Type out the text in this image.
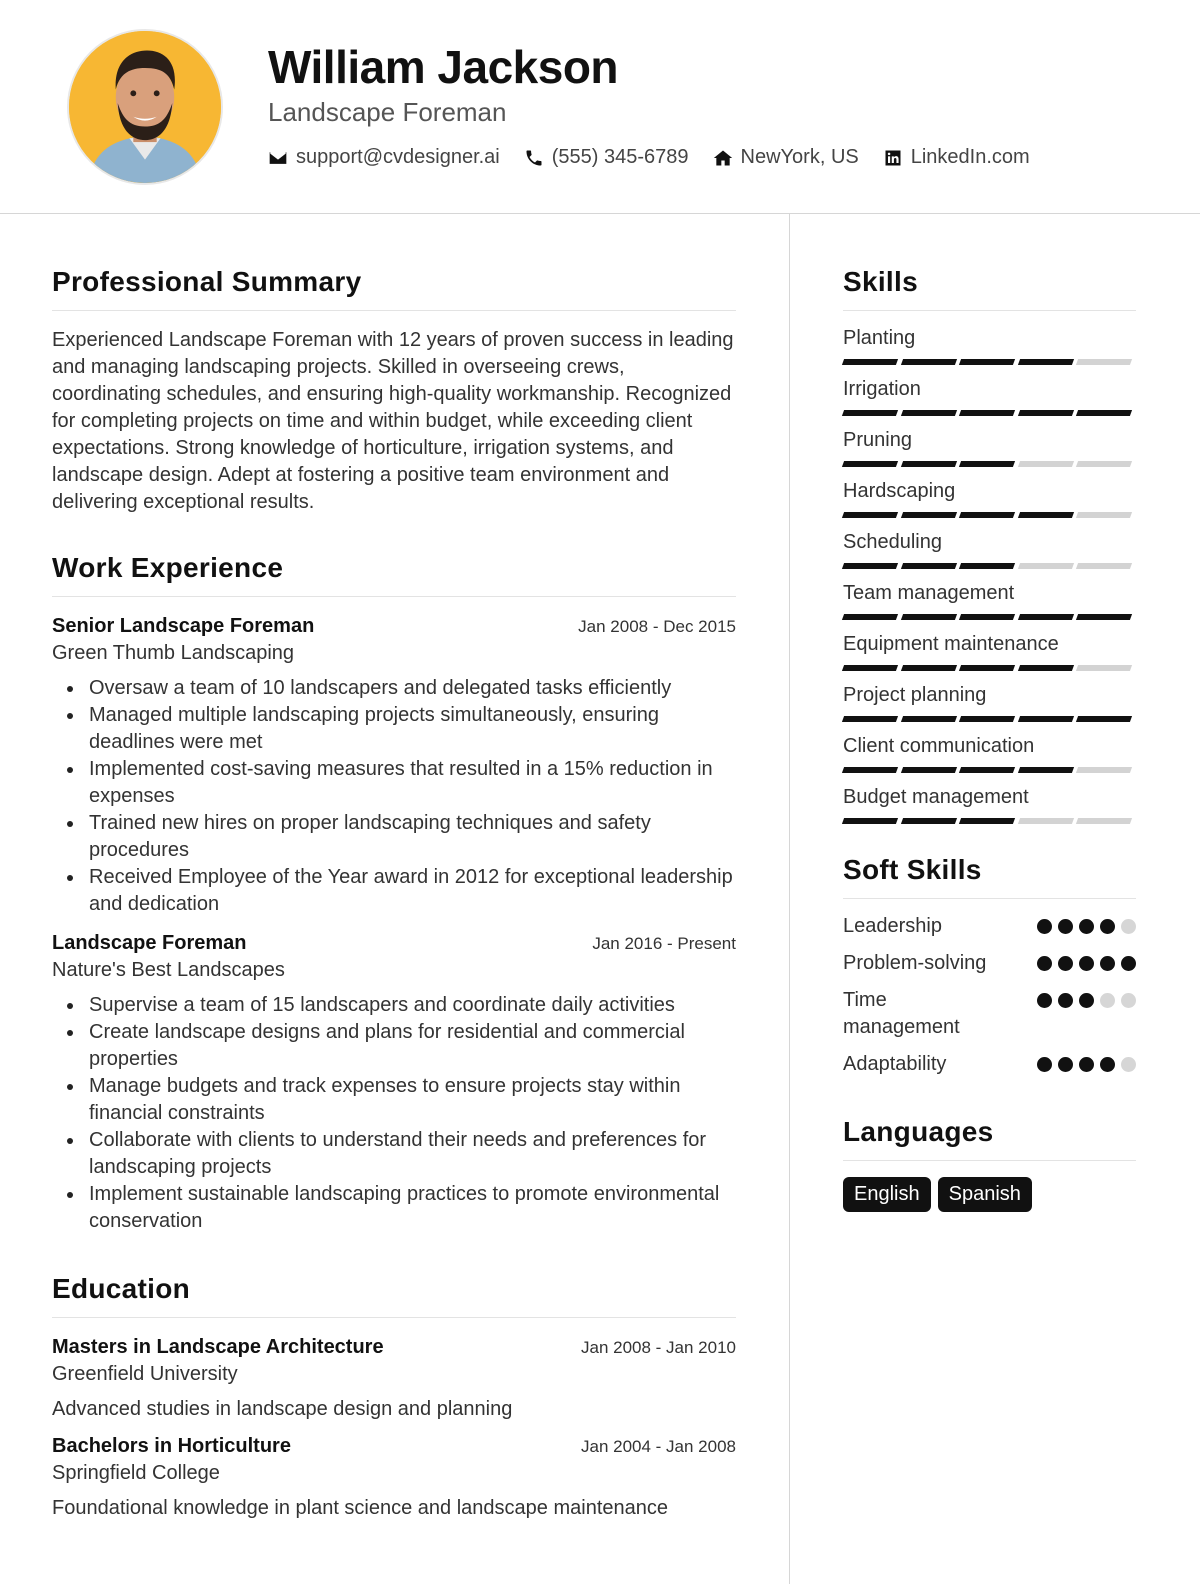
William Jackson
Landscape Foreman
support@cvdesigner.ai	(555) 345-6789	NewYork, US	LinkedIn.com
Professional Summary
Experienced Landscape Foreman with 12 years of proven success in leading and managing landscaping projects. Skilled in overseeing crews, coordinating schedules, and ensuring high-quality workmanship. Recognized for completing projects on time and within budget, while exceeding client expectations. Strong knowledge of horticulture, irrigation systems, and landscape design. Adept at fostering a positive team environment and delivering exceptional results.
Work Experience
Senior Landscape Foreman	Jan 2008 - Dec 2015
Green Thumb Landscaping
Oversaw a team of 10 landscapers and delegated tasks efficiently
Managed multiple landscaping projects simultaneously, ensuring deadlines were met
Implemented cost-saving measures that resulted in a 15% reduction in expenses
Trained new hires on proper landscaping techniques and safety procedures
Received Employee of the Year award in 2012 for exceptional leadership and dedication
Landscape Foreman	Jan 2016 - Present
Nature's Best Landscapes
Supervise a team of 15 landscapers and coordinate daily activities
Create landscape designs and plans for residential and commercial properties
Manage budgets and track expenses to ensure projects stay within financial constraints
Collaborate with clients to understand their needs and preferences for landscaping projects
Implement sustainable landscaping practices to promote environmental conservation
Education
Masters in Landscape Architecture	Jan 2008 - Jan 2010
Greenfield University
Advanced studies in landscape design and planning
Bachelors in Horticulture	Jan 2004 - Jan 2008
Springfield College
Foundational knowledge in plant science and landscape maintenance
Skills
Planting
Irrigation
Pruning
Hardscaping
Scheduling
Team management
Equipment maintenance
Project planning
Client communication
Budget management
Soft Skills
Leadership
Problem-solving
Time management
Adaptability
Languages
English	Spanish
